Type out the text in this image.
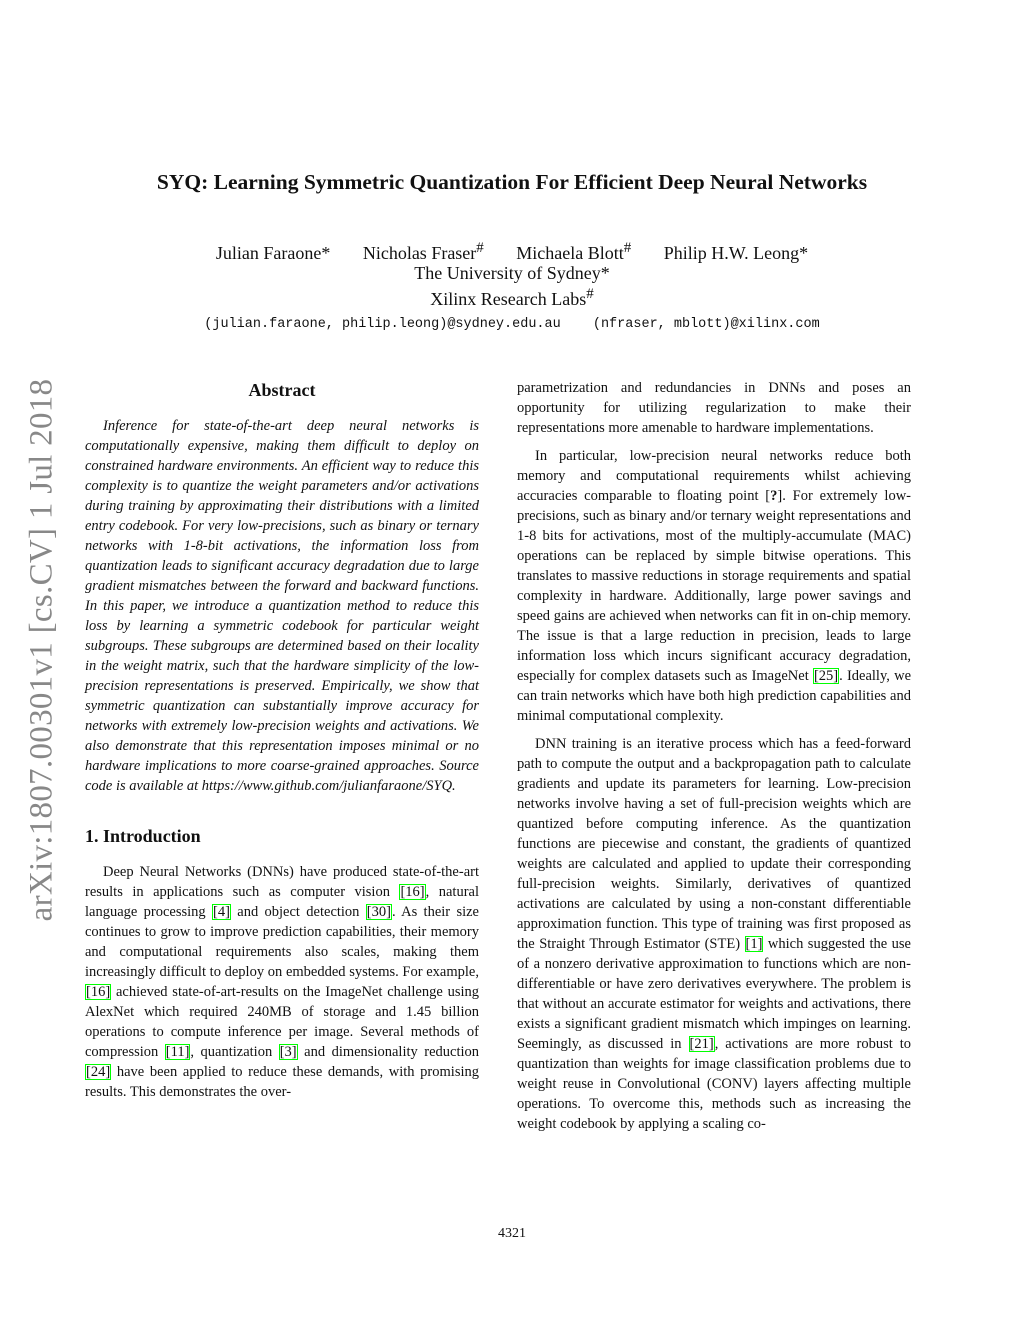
SYQ: Learning Symmetric Quantization For Efficient Deep Neural Networks
Julian Faraone* Nicholas Fraser# Michaela Blott# Philip H.W. Leong*
The University of Sydney*
Xilinx Research Labs#
(julian.faraone, philip.leong)@sydney.edu.au (nfraser, mblott)@xilinx.com
arXiv:1807.00301v1 [cs.CV] 1 Jul 2018	Abstract

Inference for state-of-the-art deep neural networks is computationally expensive, making them difficult to deploy on constrained hardware environments. An efficient way to reduce this complexity is to quantize the weight parameters and/or activations during training by approximating their distributions with a limited entry codebook. For very low-precisions, such as binary or ternary networks with 1-8-bit activations, the information loss from quantization leads to significant accuracy degradation due to large gradient mismatches between the forward and backward functions. In this paper, we introduce a quantization method to reduce this loss by learning a symmetric codebook for particular weight subgroups. These subgroups are determined based on their locality in the weight matrix, such that the hardware simplicity of the low-precision representations is preserved. Empirically, we show that symmetric quantization can substantially improve accuracy for networks with extremely low-precision weights and activations. We also demonstrate that this representation imposes minimal or no hardware implications to more coarse-grained approaches. Source code is available at https://www.github.com/julianfaraone/SYQ.

1. Introduction

Deep Neural Networks (DNNs) have produced state-of-the-art results in applications such as computer vision [16], natural language processing [4] and object detection [30]. As their size continues to grow to improve prediction capabilities, their memory and computational requirements also scales, making them increasingly difficult to deploy on embedded systems. For example, [16] achieved state-of-art-results on the ImageNet challenge using AlexNet which required 240MB of storage and 1.45 billion operations to compute inference per image. Several methods of compression [11], quantization [3] and dimensionality reduction [24] have been applied to reduce these demands, with promising results. This demonstrates the over-

parametrization and redundancies in DNNs and poses an opportunity for utilizing regularization to make their representations more amenable to hardware implementations.

In particular, low-precision neural networks reduce both memory and computational requirements whilst achieving accuracies comparable to floating point [?]. For extremely low-precisions, such as binary and/or ternary weight representations and 1-8 bits for activations, most of the multiply-accumulate (MAC) operations can be replaced by simple bitwise operations. This translates to massive reductions in storage requirements and spatial complexity in hardware. Additionally, large power savings and speed gains are achieved when networks can fit in on-chip memory. The issue is that a large reduction in precision, leads to large information loss which incurs significant accuracy degradation, especially for complex datasets such as ImageNet [25]. Ideally, we can train networks which have both high prediction capabilities and minimal computational complexity.

DNN training is an iterative process which has a feed-forward path to compute the output and a backpropagation path to calculate gradients and update its parameters for learning. Low-precision networks involve having a set of full-precision weights which are quantized before computing inference. As the quantization functions are piecewise and constant, the gradients of quantized weights are calculated and applied to update their corresponding full-precision weights. Similarly, derivatives of quantized activations are calculated by using a non-constant differentiable approximation function. This type of training was first proposed as the Straight Through Estimator (STE) [1] which suggested the use of a nonzero derivative approximation to functions which are non-differentiable or have zero derivatives everywhere. The problem is that without an accurate estimator for weights and activations, there exists a significant gradient mismatch which impinges on learning. Seemingly, as discussed in [21], activations are more robust to quantization than weights for image classification problems due to weight reuse in Convolutional (CONV) layers affecting multiple operations. To overcome this, methods such as increasing the weight codebook by applying a scaling co-

4321
